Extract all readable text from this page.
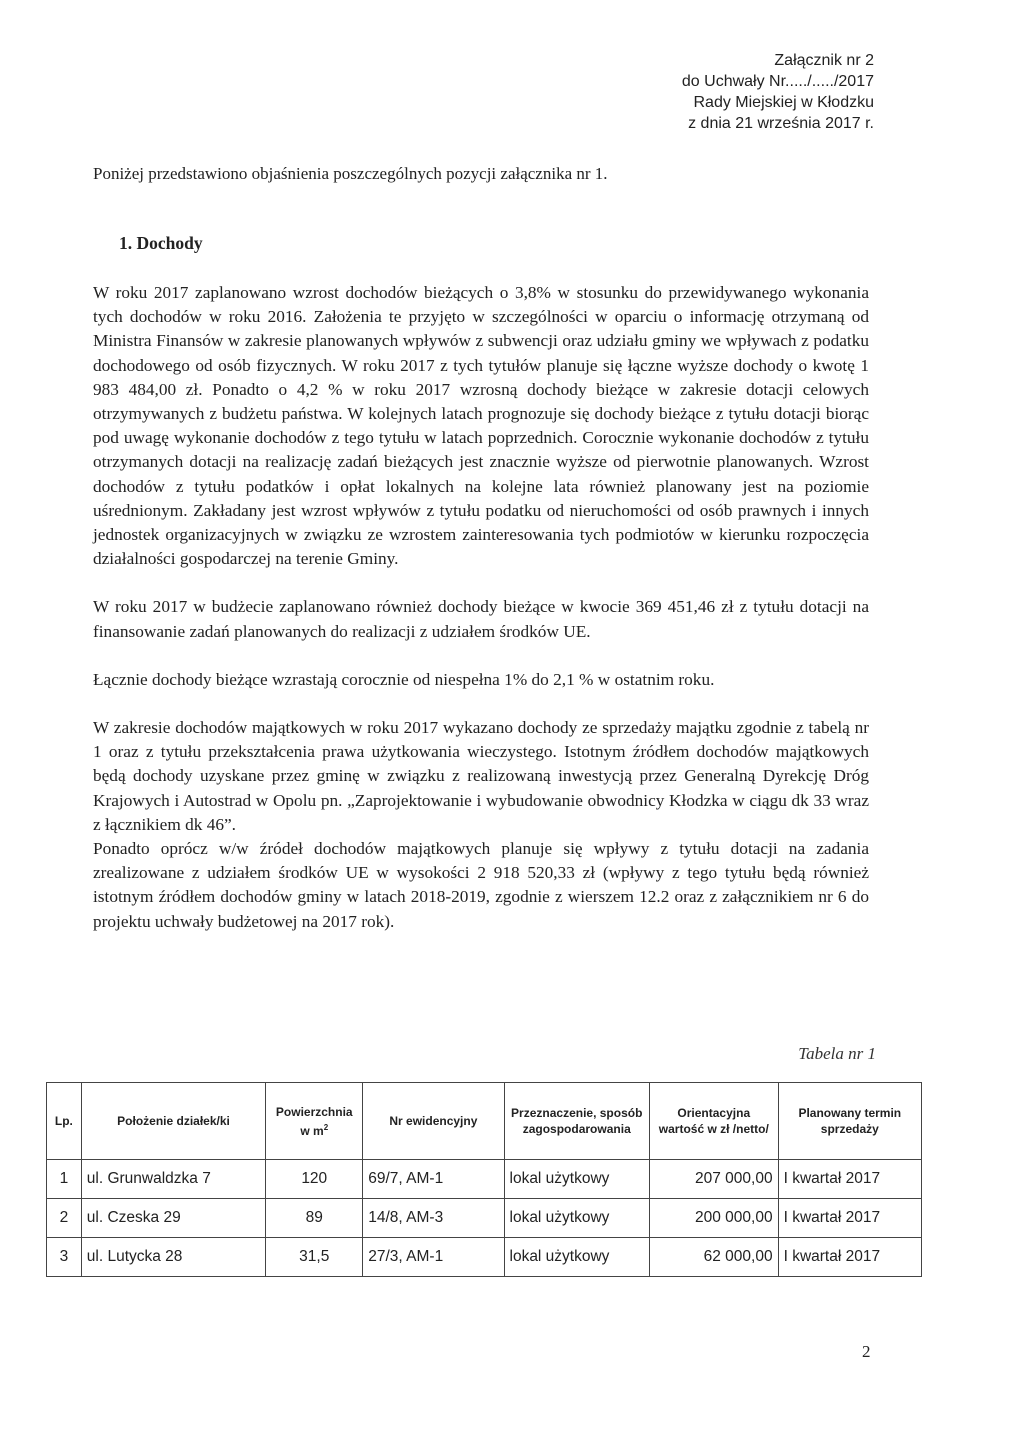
Załącznik nr 2
do Uchwały Nr...../...../2017
Rady Miejskiej w Kłodzku
z dnia 21 września 2017 r.
Poniżej przedstawiono objaśnienia poszczególnych pozycji załącznika nr 1.
1. Dochody

W roku 2017 zaplanowano wzrost dochodów bieżących o 3,8% w stosunku do przewidywanego wykonania tych dochodów w roku 2016. Założenia te przyjęto w szczególności w oparciu o informację otrzymaną od Ministra Finansów w zakresie planowanych wpływów z subwencji oraz udziału gminy we wpływach z podatku dochodowego od osób fizycznych. W roku 2017 z tych tytułów planuje się łączne wyższe dochody o kwotę 1 983 484,00 zł. Ponadto o 4,2 % w roku 2017 wzrosną dochody bieżące w zakresie dotacji celowych otrzymywanych z budżetu państwa. W kolejnych latach prognozuje się dochody bieżące z tytułu dotacji biorąc pod uwagę wykonanie dochodów z tego tytułu w latach poprzednich. Corocznie wykonanie dochodów z tytułu otrzymanych dotacji na realizację zadań bieżących jest znacznie wyższe od pierwotnie planowanych. Wzrost dochodów z tytułu podatków i opłat lokalnych na kolejne lata również planowany jest na poziomie uśrednionym. Zakładany jest wzrost wpływów z tytułu podatku od nieruchomości od osób prawnych i innych jednostek organizacyjnych w związku ze wzrostem zainteresowania tych podmiotów w kierunku rozpoczęcia działalności gospodarczej na terenie Gminy.

W roku 2017 w budżecie zaplanowano również dochody bieżące w kwocie 369 451,46 zł z tytułu dotacji na finansowanie zadań planowanych do realizacji z udziałem środków UE.

Łącznie dochody bieżące wzrastają corocznie od niespełna 1% do 2,1 % w ostatnim roku.

W zakresie dochodów majątkowych w roku 2017 wykazano dochody ze sprzedaży majątku zgodnie z tabelą nr 1 oraz z tytułu przekształcenia prawa użytkowania wieczystego. Istotnym źródłem dochodów majątkowych będą dochody uzyskane przez gminę w związku z realizowaną inwestycją przez Generalną Dyrekcję Dróg Krajowych i Autostrad w Opolu pn. „Zaprojektowanie i wybudowanie obwodnicy Kłodzka w ciągu dk 33 wraz z łącznikiem dk 46”.

Ponadto oprócz w/w źródeł dochodów majątkowych planuje się wpływy z tytułu dotacji na zadania zrealizowane z udziałem środków UE w wysokości 2 918 520,33 zł (wpływy z tego tytułu będą również istotnym źródłem dochodów gminy w latach 2018-2019, zgodnie z wierszem 12.2 oraz z załącznikiem nr 6 do projektu uchwały budżetowej na 2017 rok).

Tabela nr 1
Lp.	Położenie działek/ki	Powierzchnia
w $m^2$	Nr ewidencyjny	Przeznaczenie, sposób zagospodarowania	Orientacyjna wartość w zł /netto/	Planowany termin sprzedaży
1	ul. Grunwaldzka 7	120	69/7, AM-1	lokal użytkowy	207 000,00	I kwartał 2017
2	ul. Czeska 29	89	14/8, AM-3	lokal użytkowy	200 000,00	I kwartał 2017
3	ul. Lutycka 28	31,5	27/3, AM-1	lokal użytkowy	62 000,00	I kwartał 2017
2
